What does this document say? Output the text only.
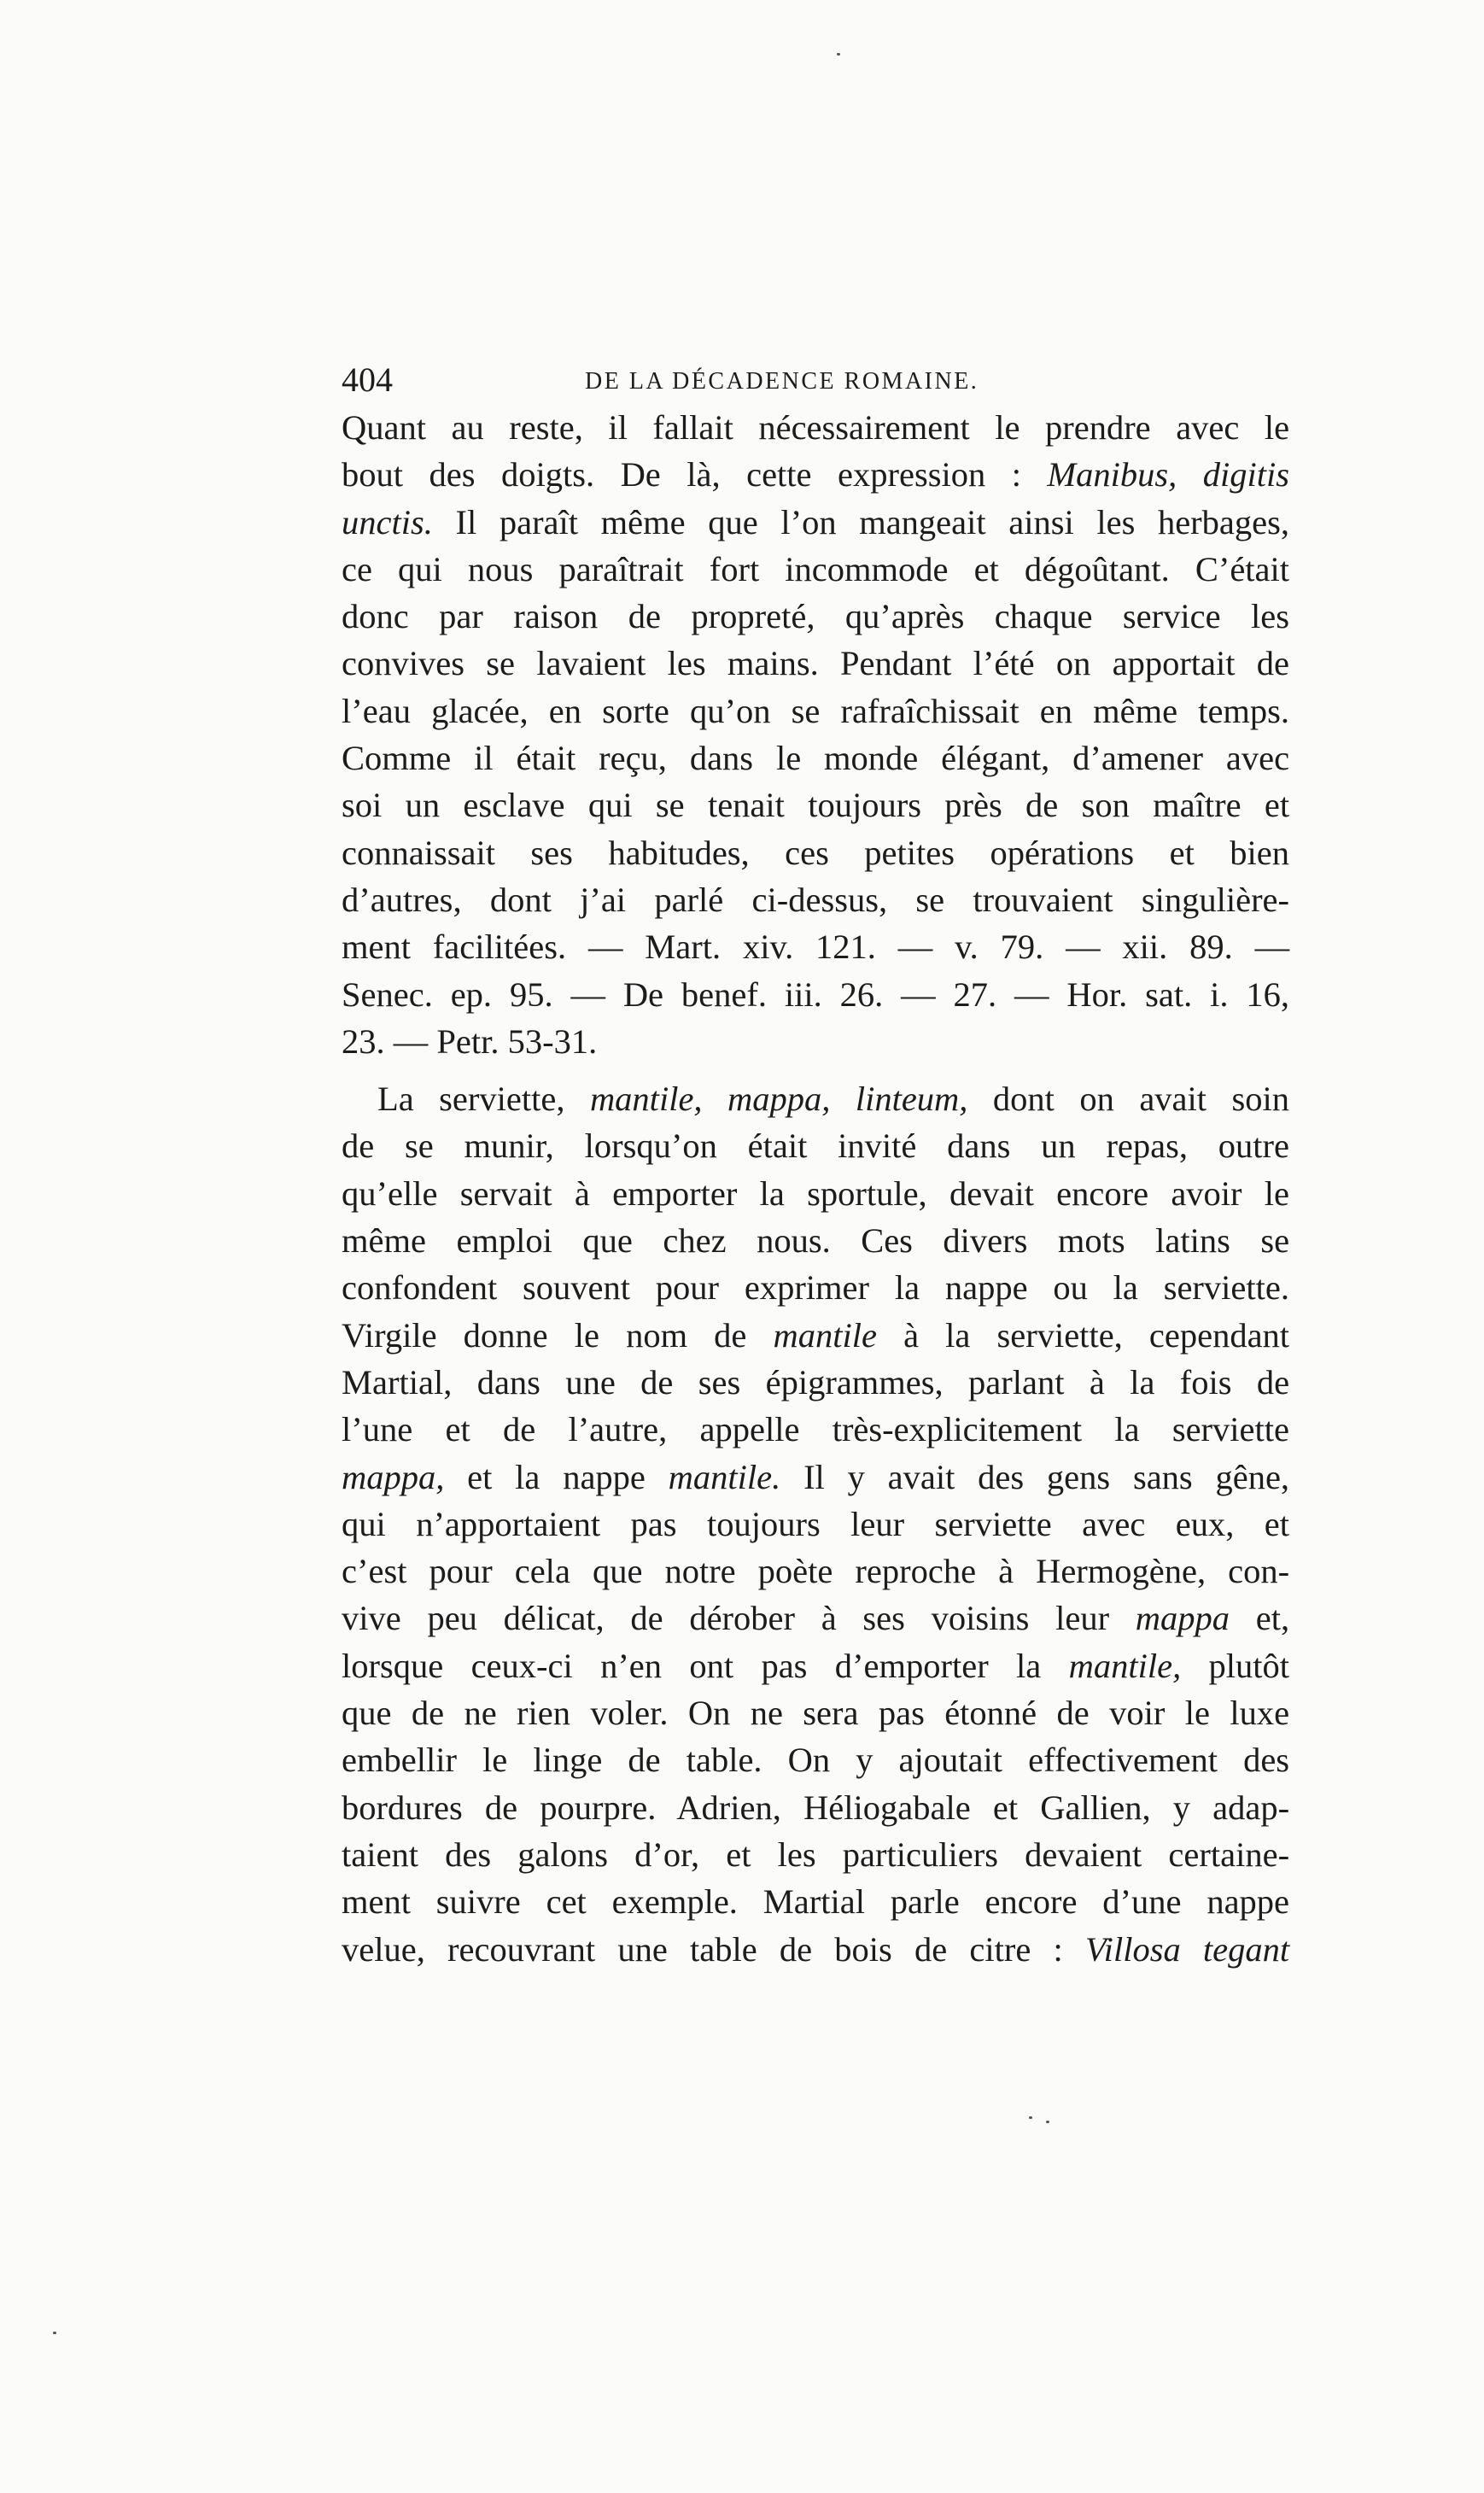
404	DE LA DÉCADENCE ROMAINE.
Quant au reste, il fallait nécessairement le prendre avec le
bout des doigts. De là, cette expression : Manibus, digitis
unctis. Il paraît même que l’on mangeait ainsi les herbages,
ce qui nous paraîtrait fort incommode et dégoûtant. C’était
donc par raison de propreté, qu’après chaque service les
convives se lavaient les mains. Pendant l’été on apportait de
l’eau glacée, en sorte qu’on se rafraîchissait en même temps.
Comme il était reçu, dans le monde élégant, d’amener avec
soi un esclave qui se tenait toujours près de son maître et
connaissait ses habitudes, ces petites opérations et bien
d’autres, dont j’ai parlé ci-dessus, se trouvaient singulière-
ment facilitées. — Mart. xiv. 121. — v. 79. — xii. 89. —
Senec. ep. 95. — De benef. iii. 26. — 27. — Hor. sat. i. 16,
23. — Petr. 53-31.
La serviette, mantile, mappa, linteum, dont on avait soin
de se munir, lorsqu’on était invité dans un repas, outre
qu’elle servait à emporter la sportule, devait encore avoir le
même emploi que chez nous. Ces divers mots latins se
confondent souvent pour exprimer la nappe ou la serviette.
Virgile donne le nom de mantile à la serviette, cependant
Martial, dans une de ses épigrammes, parlant à la fois de
l’une et de l’autre, appelle très-explicitement la serviette
mappa, et la nappe mantile. Il y avait des gens sans gêne,
qui n’apportaient pas toujours leur serviette avec eux, et
c’est pour cela que notre poète reproche à Hermogène, con-
vive peu délicat, de dérober à ses voisins leur mappa et,
lorsque ceux-ci n’en ont pas d’emporter la mantile, plutôt
que de ne rien voler. On ne sera pas étonné de voir le luxe
embellir le linge de table. On y ajoutait effectivement des
bordures de pourpre. Adrien, Héliogabale et Gallien, y adap-
taient des galons d’or, et les particuliers devaient certaine-
ment suivre cet exemple. Martial parle encore d’une nappe
velue, recouvrant une table de bois de citre : Villosa tegant
